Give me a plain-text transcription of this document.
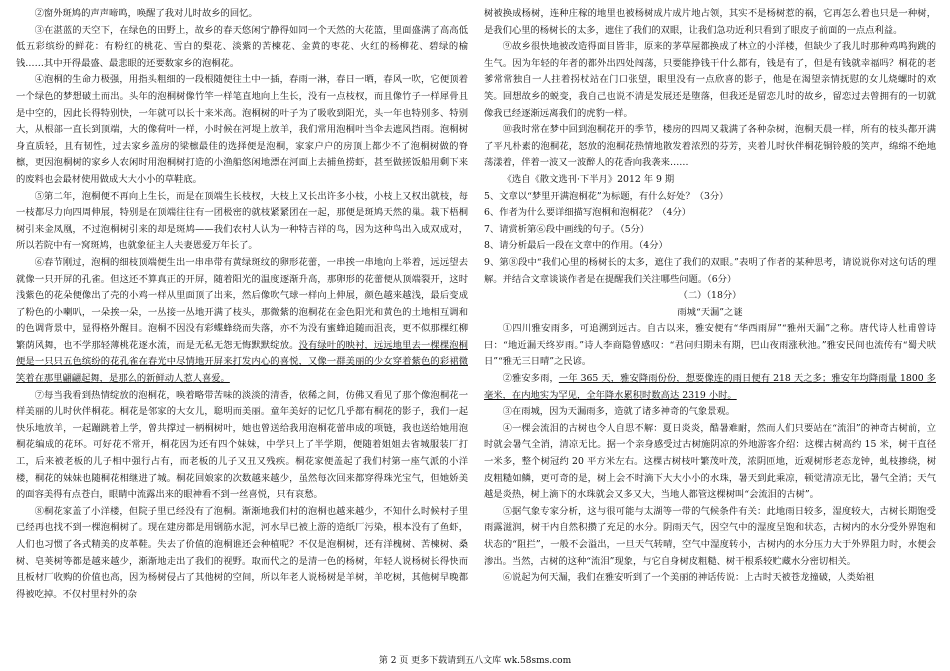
②窗外斑鸠的声声啼鸣，唤醒了我对儿时故乡的回忆。

③在湛蓝的天空下，在绿色的田野上，故乡的春天悠闲宁静得如同一个天然的大花篮，里面盛满了高高低低五彩缤纷的鲜花：有粉红的桃花、雪白的梨花、淡紫的苦楝花、金黄的枣花、火红的杨柳花、碧绿的榆钱……其中开得最盛、最悲眼的还要数家乡的泡桐花。

④泡桐的生命力极强，用指头粗细的一段根随便往土中一插，春雨一淋，春日一晒，春风一吹，它便顶着一个绿色的梦想破土而出。头年的泡桐树像竹竿一样笔直地向上生长，没有一点枝杈，而且像竹子一样犀骨且是中空的，因此长得特别快，一年就可以长十来米高。泡桐树的叶子为了吸收到阳光，头一年也特别多、特别大，从根部一直长到顶端，大的像荷叶一样，小时候在河堤上放羊，我们常用泡桐叶当伞去遮风挡雨。泡桐树身直质轻，且有韧性，过去家乡盖房的梁檩最佳的选择便是泡桐，家家户户的房顶上都少不了泡桐树做的脊檩，更因泡桐树的家乡人农闲时用泡桐树打造的小渔船悠闲地漂在河面上去捕鱼捞虾，甚至做搓饭船用剩下来的废料也会最材使用做成大大小小的草鞋底。

⑤第二年，泡桐便不再向上生长，而是在顶端生长枝杈，大枝上又长出许多小枝，小枝上又权出就枝，每一枝都尽力向四周伸展，特别是在顶端往往有一团极密的就枝紧紧团在一起，那便是斑鸠天然的巢。栽下梧桐树引来金凤凰，不过泡桐树引来的却是斑鸠——我们农村人认为一种特吉祥的鸟，因为这种鸟出入成双成对，所以若院中有一窝斑鸠，也就象征主人夫妻恩爱万年长了。

⑥春节刚过，泡桐的细枝顶端便生出一串串带有黄绿斑纹的卵形花蕾，一串挨一串地向上举着，远远望去就像一只开屏的孔雀。但这还不算真正的开屏，随着阳光的温度逐渐升高，那卵形的花蕾便从顶端裂开，这时浅紫色的花朵便像出了壳的小鸡一样从里面顶了出来，然后像吹气球一样向上伸展，颜色越来越浅，最后变成了粉色的小喇叭，一朵挨一朵，一丛接一丛地开满了枝头，那微紫的泡桐花在金色阳光和黄色的土地相互调和的色调背景中，显得格外醒目。泡桐不因没有彩蝶蜂绕而失落，亦不为没有蜜蜂追随而沮丧，更不似那棵红柳繁荫风舞，也不学那轻薄桃花逐水流，而是无私无怨无悔默默绽放。没有绿叶的映衬，远远地里去一棵棵泡桐便是一只只五色缤纷的花孔雀在春光中尽情地开屏来打发内心的喜悦，又像一群美丽的少女穿着紫色的彩裙微笑着在那里翩翩起舞，是那么的新鲜动人惹人喜爱。

⑦每当我看到热情绽放的泡桐花，唤着略带苦味的淡淡的清香，依稀之间，仿佛又看见了那个像泡桐花一样美丽的儿时伙伴桐花。桐花是邻家的大女儿，聪明而美丽。童年美好的记忆几乎都有桐花的影子，我们一起快乐地放羊，一起蹦跳着上学，曾共撑过一柄桐树叶，她也曾送给我用泡桐花蕾串成的项链，我也送给她用泡桐花编成的花环。可好花不常开，桐花因为还有四个妹妹，中学只上了半学期，便随着姐姐去省城服装厂打工，后来被老板的儿子相中强行占有，而老板的儿子又丑又残疾。桐花家便盖起了我们村第一座气派的小洋楼，桐花的妹妹也随桐花相继进了城。桐花回娘家的次数越来越少，虽然每次回来都穿得珠光宝气，但她娇美的面容美得有点苍白，眼睛中流露出来的眼神看不到一丝喜悦，只有哀愁。

⑧桐花家盖了小洋楼，但院子里已经没有了泡桐。渐渐地我们村的泡桐也越来越少，不知什么时候村子里已经再也找不到一棵泡桐树了。现在建房都是用钢筋水泥，河水早已被上游的造纸厂污染，根本没有了鱼虾，人们也习惯了各式精美的皮革鞋。失去了价值的泡桐谁还会种植呢？不仅是泡桐树，还有洋槐树、苦楝树、桑树、皂荚树等都是越来越少，渐渐地走出了我们的视野。取而代之的是清一色的杨树，年轻人说杨树长得快而且板材厂收购的价值也高，因为杨树侵占了其他树的空间，所以年老人说杨树是羊树，羊吃树，其他树早晚都得被吃掉。不仅村里村外的杂

树被换成杨树，连种庄稼的地里也被杨树成片成片地占领，其实不是杨树惹的祸，它再怎么着也只是一种树，是我们心里的杨树长的太多，遮住了我们的双眼，让我们急功近利只看到了眼皮子前面的一点点利益。

⑨故乡很快地被改造得面目皆非，原来的茅草屋都换成了林立的小洋楼，但缺少了我儿时那种鸡鸣狗跳的生气。因为年轻的年者的都外出四处闯荡，只要能挣钱干什么都有，钱是有了，但是有钱就幸福吗？桐花的老爹常常独自一人拄着拐杖站在门口张望，眼里没有一点欣喜的影子，他是在渴望亲情抚慰的女儿烧螺时的欢笑。回想故乡的蜕变，我自己也说不清是发展还是堕落，但我还是留恋儿时的故乡，留恋过去曾拥有的一切就像我已经逐渐远离我们的虎豹一样。

⑩我时常在梦中回到泡桐花开的季节，楼房的四周又栽满了各种杂树，泡桐天晨一样，所有的枝头都开满了平凡朴素的泡桐花，怒放的泡桐花热情地散发着浓烈的芬芳，夹着儿时伙伴桐花铜铃般的笑声，绵绵不绝地荡漾着，伴着一波又一波醉人的花香向我袭来……

《选自《散文选刊·下半月》2012 年 9 期

5、文章以“梦里开满泡桐花”为标题，有什么好处？（3分）

6、作者为什么要详细描写泡桐和泡桐花？（4分）

7、请赏析第⑥段中画线的句子。（5分）

8、请分析最后一段在文章中的作用。（4分）

9、第⑧段中“我们心里的杨树长的太多，遮住了我们的双眼。”表明了作者的某种思考，请说说你对这句话的理解。并结合文章谈谈作者是在提醒我们关注哪些问题。（6分）

（二）（18分）

雨城“天漏”之谜

①四川雅安雨多，可追溯到远古。自古以来，雅安便有“华西雨屏”“雅州天漏”之称。唐代诗人杜甫曾诗曰：“地近漏天终岁雨。”诗人李商隐曾感叹：“君问归期未有期，巴山夜雨涨秋池。”雅安民间也流传有“蜀犬吠日”“雅无三日晴”之民谚。

②雅安多雨，一年 365 天，雅安降雨份份，想要像连的雨日便有 218 天之多；雅安年均降雨量 1800 多毫米，在内地实为罕见，全年降水累积时数高达 2319 小时。

③在雨城，因为天漏雨多，造就了诸多神奇的气象景观。

④一棵会流泪的古树也令人自思不解：夏日炎炎，酷暑难耐，然而人们只要站在“流泪”的神奇古树前，立时就会暑气全消，清凉无比。据一个亲身感受过古树施阴凉的外地游客介绍：这棵古树高约 15 米，树干直径一米多，整个树冠约 20 平方米左右。这棵古树枝叶繁茂叶茂，浓阴匝地，近观树形老态龙钟，虬枝掺绕，树皮粗糙如鳞，更可奇的是，树上会不时滴下大大小小的水珠，暑天到此乘凉，顿觉清凉无比，暑气全消；天气越是炎热，树上滴下的水珠就会又多又大，当地人都管这棵树叫“会流泪的古树”。

⑤据气象专家分析，这与很可能与太湖等一带的气候条件有关：此地雨日较多，湿度较大，古树长期饱受雨露滋润，树干内自然积攒了充足的水分。阴雨天气，因空气中的湿度呈饱和状态，古树内的水分受外界饱和状态的“阻拦”，一般不会溢出，一旦天气转晴，空气中湿度转小，古树内的水分压力大于外界阻力时，水便会渗出。当然，古树的这种“流泪”现象，与它自身树皮粗糙、树干根系较贮藏水分密切相关。

⑥说起为何天漏，我们在雅安听到了一个美丽的神话传说：上古时天被苍龙撞破，人类始祖

第 2 页 更多下载请到五八文库 wk.58sms.com
